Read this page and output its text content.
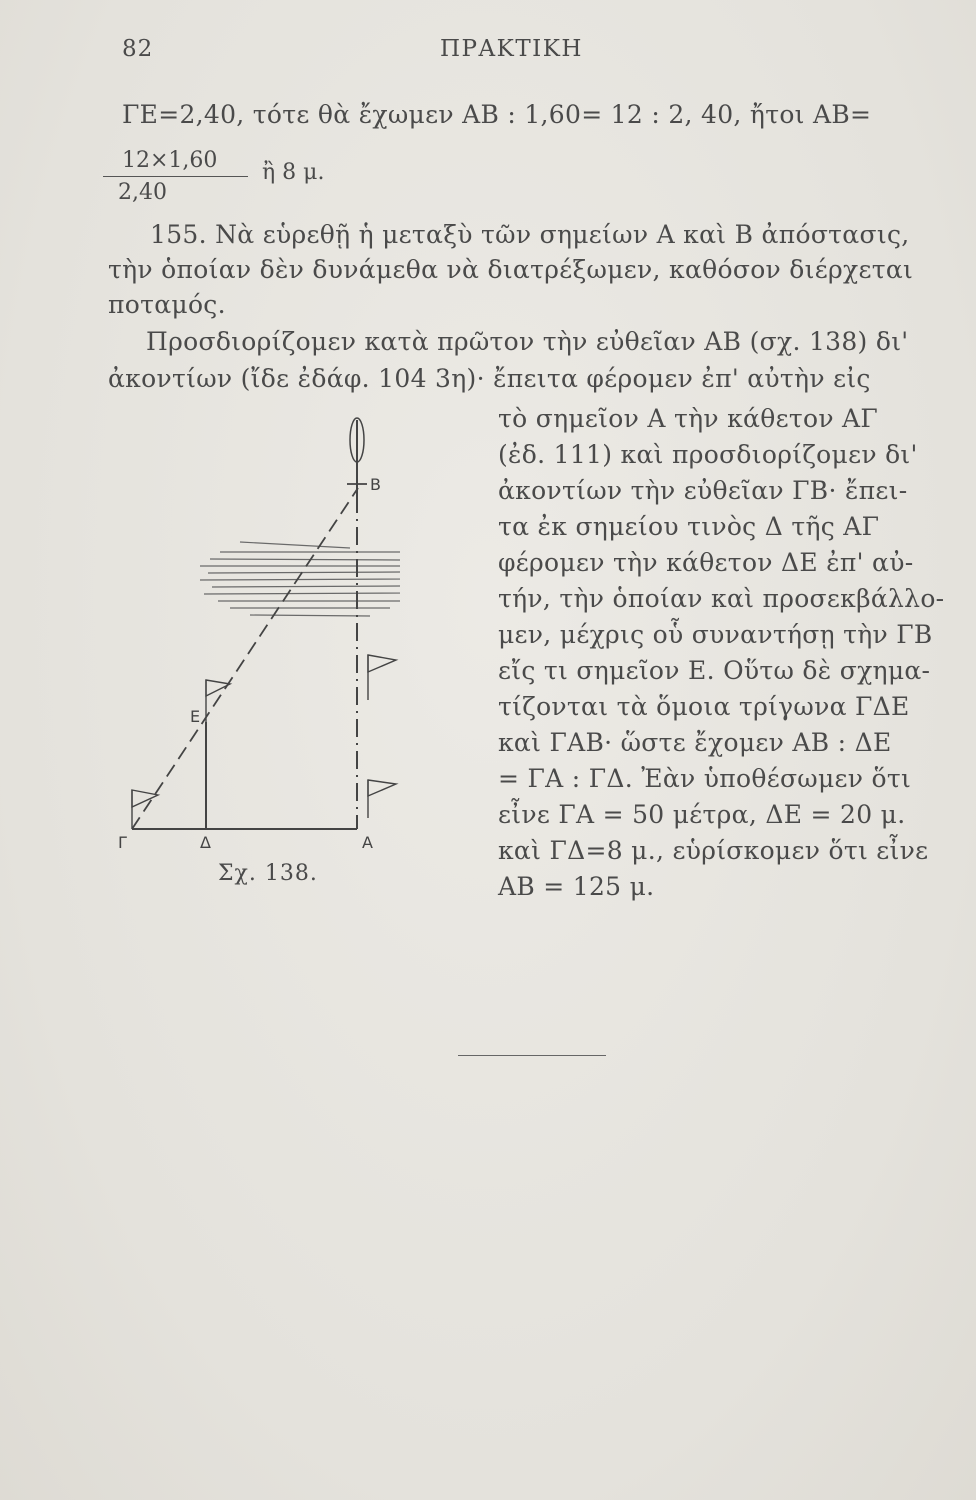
82	ΠΡΑΚΤΙΚΗ
ΓΕ=2,40, τότε θὰ ἔχωμεν ΑΒ : 1,60= 12 : 2, 40, ἤτοι ΑΒ=
12×1,60
2,40
ἢ 8 μ.
155. Νὰ εὑρεθῇ ἡ μεταξὺ τῶν σημείων Α καὶ Β ἀπόστασις,
τὴν ὁποίαν δὲν δυνάμεθα νὰ διατρέξωμεν, καθόσον διέρχεται
ποταμός.
Προσδιορίζομεν κατὰ πρῶτον τὴν εὐθεῖαν ΑΒ (σχ. 138) δι'
ἀκοντίων (ἴδε ἐδάφ. 104 3η)· ἔπειτα φέρομεν ἐπ' αὐτὴν εἰς
τὸ σημεῖον Α τὴν κάθετον ΑΓ
(ἐδ. 111) καὶ προσδιορίζομεν δι'
ἀκοντίων τὴν εὐθεῖαν ΓΒ· ἔπει-
τα ἐκ σημείου τινὸς Δ τῆς ΑΓ
φέρομεν τὴν κάθετον ΔΕ ἐπ' αὐ-
τήν, τὴν ὁποίαν καὶ προσεκβάλλο-
μεν, μέχρις οὗ συναντήσῃ τὴν ΓΒ
εἴς τι σημεῖον Ε. Οὕτω δὲ σχημα-
τίζονται τὰ ὅμοια τρίγωνα ΓΔΕ
καὶ ΓΑΒ· ὥστε ἔχομεν ΑΒ : ΔΕ
= ΓΑ : ΓΔ. Ἐὰν ὑποθέσωμεν ὅτι
εἶνε ΓΑ = 50 μέτρα, ΔΕ = 20 μ.
καὶ ΓΔ=8 μ., εὑρίσκομεν ὅτι εἶνε
ΑΒ = 125 μ.
B
E
Γ	Δ	A
Σχ. 138.
